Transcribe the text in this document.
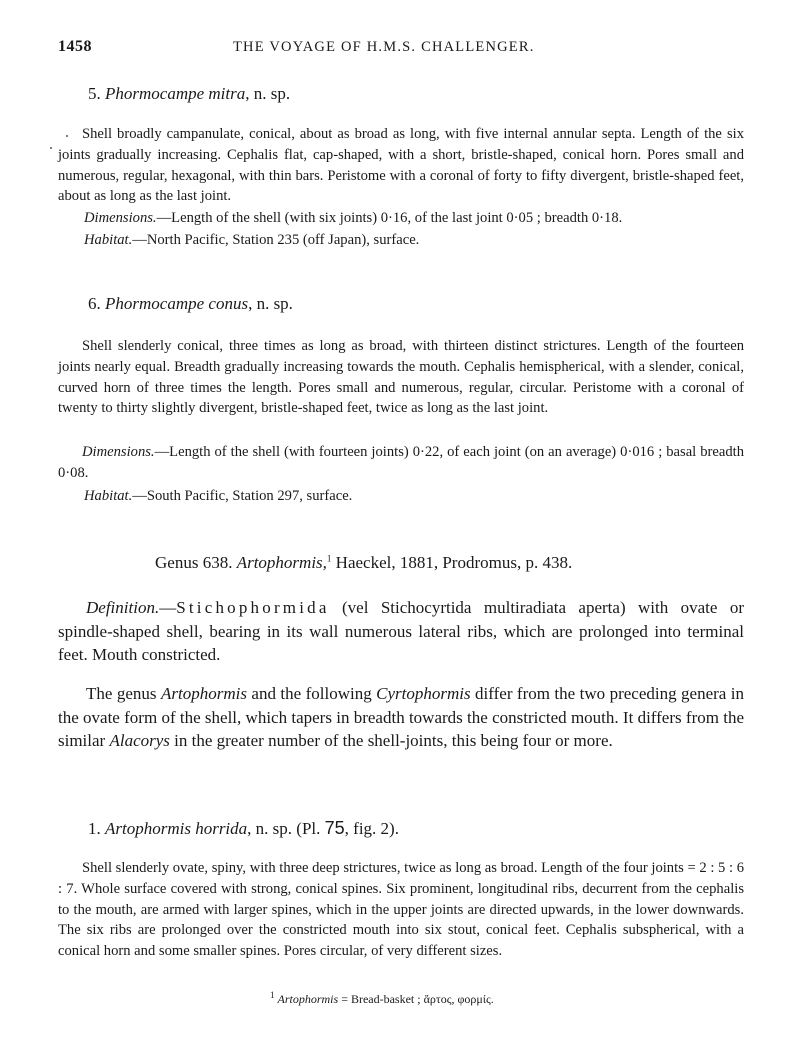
1458	THE VOYAGE OF H.M.S. CHALLENGER.
5. Phormocampe mitra, n. sp.
Shell broadly campanulate, conical, about as broad as long, with five internal annular septa. Length of the six joints gradually increasing. Cephalis flat, cap-shaped, with a short, bristle-shaped, conical horn. Pores small and numerous, regular, hexagonal, with thin bars. Peristome with a coronal of forty to fifty divergent, bristle-shaped feet, about as long as the last joint.
Dimensions.—Length of the shell (with six joints) 0·16, of the last joint 0·05 ; breadth 0·18.
Habitat.—North Pacific, Station 235 (off Japan), surface.
6. Phormocampe conus, n. sp.
Shell slenderly conical, three times as long as broad, with thirteen distinct strictures. Length of the fourteen joints nearly equal. Breadth gradually increasing towards the mouth. Cephalis hemispherical, with a slender, conical, curved horn of three times the length. Pores small and numerous, regular, circular. Peristome with a coronal of twenty to thirty slightly divergent, bristle-shaped feet, twice as long as the last joint.
Dimensions.—Length of the shell (with fourteen joints) 0·22, of each joint (on an average) 0·016 ; basal breadth 0·08.
Habitat.—South Pacific, Station 297, surface.
Genus 638. Artophormis,$^1$ Haeckel, 1881, Prodromus, p. 438.
Definition.—Stichophormida (vel Stichocyrtida multiradiata aperta) with ovate or spindle-shaped shell, bearing in its wall numerous lateral ribs, which are prolonged into terminal feet. Mouth constricted.
The genus Artophormis and the following Cyrtophormis differ from the two preceding genera in the ovate form of the shell, which tapers in breadth towards the constricted mouth. It differs from the similar Alacorys in the greater number of the shell-joints, this being four or more.
1. Artophormis horrida, n. sp. (Pl. 75, fig. 2).
Shell slenderly ovate, spiny, with three deep strictures, twice as long as broad. Length of the four joints = 2 : 5 : 6 : 7. Whole surface covered with strong, conical spines. Six prominent, longitudinal ribs, decurrent from the cephalis to the mouth, are armed with larger spines, which in the upper joints are directed upwards, in the lower downwards. The six ribs are prolonged over the constricted mouth into six stout, conical feet. Cephalis subspherical, with a conical horn and some smaller spines. Pores circular, of very different sizes.
$^1$ Artophormis = Bread-basket ; ἄρτος, φορμίς.
